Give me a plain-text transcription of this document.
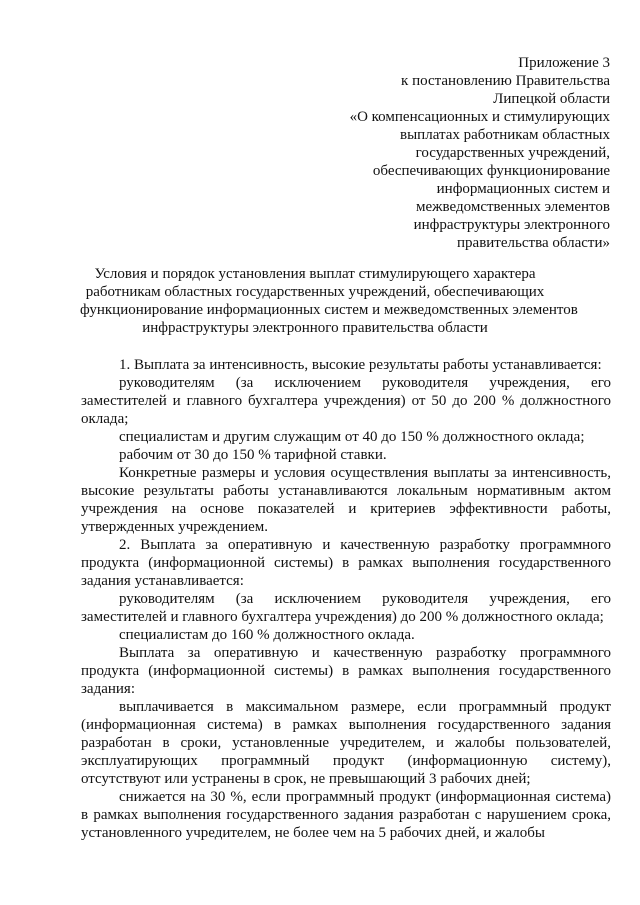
Приложение 3
к постановлению Правительства
Липецкой области
«О компенсационных и стимулирующих
выплатах работникам областных
государственных учреждений,
обеспечивающих функционирование
информационных систем и
межведомственных элементов
инфраструктуры электронного
правительства области»
Условия и порядок установления выплат стимулирующего характера
работникам областных государственных учреждений, обеспечивающих
функционирование информационных систем и межведомственных элементов
инфраструктуры электронного правительства области

1. Выплата за интенсивность, высокие результаты работы устанавливается:

руководителям (за исключением руководителя учреждения, его

заместителей и главного бухгалтера учреждения) от 50 до 200 % должностного оклада;

специалистам и другим служащим от 40 до 150 % должностного оклада;

рабочим от 30 до 150 % тарифной ставки.

Конкретные размеры и условия осуществления выплаты за интенсивность, высокие результаты работы устанавливаются локальным нормативным актом учреждения на основе показателей и критериев эффективности работы, утвержденных учреждением.

2. Выплата за оперативную и качественную разработку программного продукта (информационной системы) в рамках выполнения государственного задания устанавливается:

руководителям (за исключением руководителя учреждения, его

заместителей и главного бухгалтера учреждения) до 200 % должностного оклада;

специалистам до 160 % должностного оклада.

Выплата за оперативную и качественную разработку программного продукта (информационной системы) в рамках выполнения государственного задания:

выплачивается в максимальном размере, если программный продукт (информационная система) в рамках выполнения государственного задания разработан в сроки, установленные учредителем, и жалобы пользователей, эксплуатирующих программный продукт (информационную систему), отсутствуют или устранены в срок, не превышающий 3 рабочих дней;

снижается на 30 %, если программный продукт (информационная система) в рамках выполнения государственного задания разработан с нарушением срока, установленного учредителем, не более чем на 5 рабочих дней, и жалобы
